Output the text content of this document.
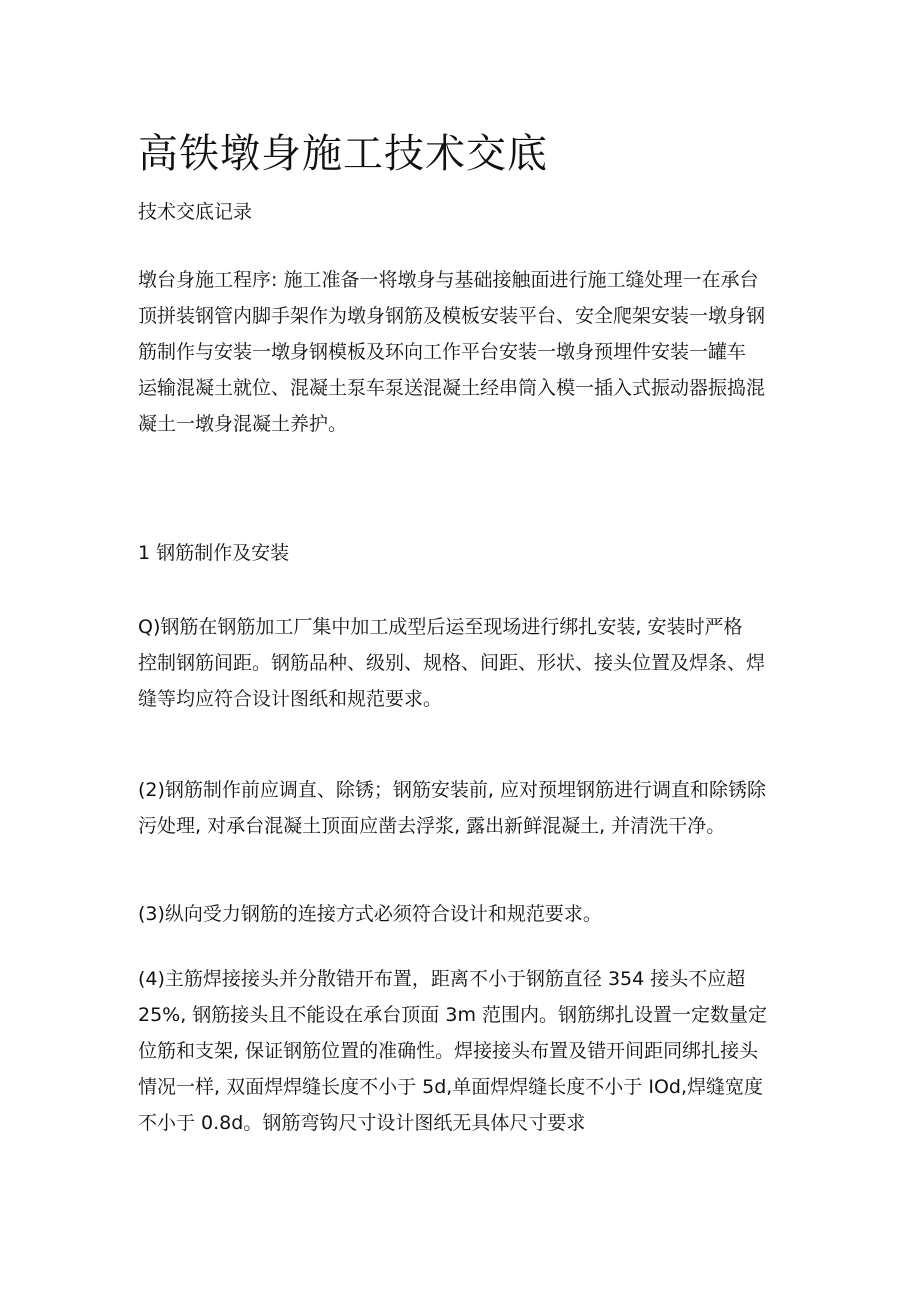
高铁墩身施工技术交底

技术交底记录

墩台身施工程序: 施工准备一将墩身与基础接触面进行施工缝处理一在承台
顶拼装钢管内脚手架作为墩身钢筋及模板安装平台、安全爬架安装一墩身钢
筋制作与安装一墩身钢模板及环向工作平台安装一墩身预埋件安装一罐车
运输混凝土就位、混凝土泵车泵送混凝土经串筒入模一插入式振动器振捣混
凝土一墩身混凝土养护。

1 钢筋制作及安装

Q)钢筋在钢筋加工厂集中加工成型后运至现场进行绑扎安装, 安装时严格
控制钢筋间距。钢筋品种、级别、规格、间距、形状、接头位置及焊条、焊
缝等均应符合设计图纸和规范要求。

(2)钢筋制作前应调直、除锈；钢筋安装前, 应对预埋钢筋进行调直和除锈除
污处理, 对承台混凝土顶面应凿去浮浆, 露出新鲜混凝土, 并清洗干净。

(3)纵向受力钢筋的连接方式必须符合设计和规范要求。

(4)主筋焊接接头并分散错开布置，距离不小于钢筋直径 354 接头不应超
25%, 钢筋接头且不能设在承台顶面 3m 范围内。钢筋绑扎设置一定数量定
位筋和支架, 保证钢筋位置的准确性。焊接接头布置及错开间距同绑扎接头
情况一样, 双面焊焊缝长度不小于 5d,单面焊焊缝长度不小于 IOd,焊缝宽度
不小于 0.8d。钢筋弯钩尺寸设计图纸无具体尺寸要求
